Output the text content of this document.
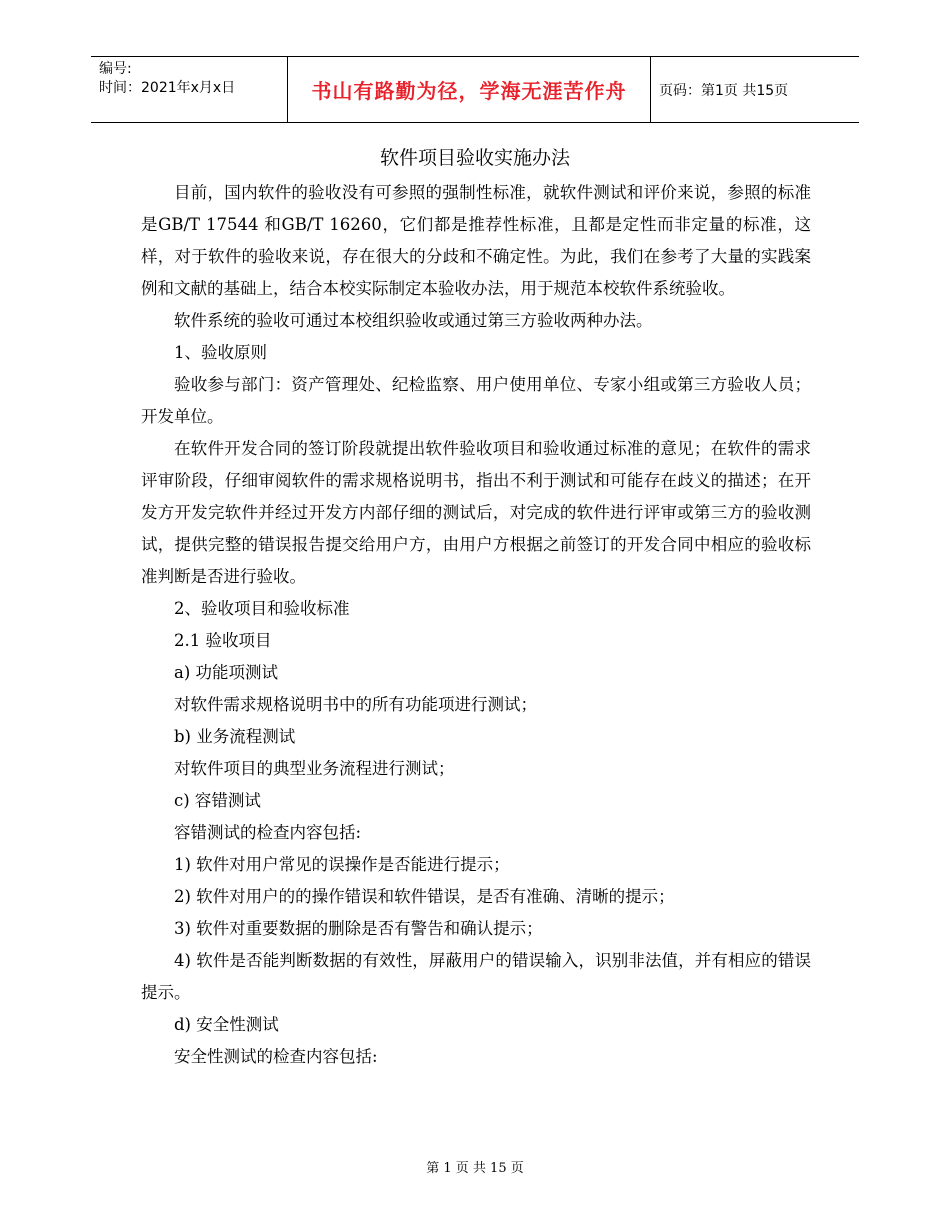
编号:
时间：2021年x月x日	书山有路勤为径，学海无涯苦作舟	页码：第1页 共15页
软件项目验收实施办法

目前，国内软件的验收没有可参照的强制性标准，就软件测试和评价来说，参照的标准是GB/T 17544 和GB/T 16260，它们都是推荐性标准，且都是定性而非定量的标准，这样，对于软件的验收来说，存在很大的分歧和不确定性。为此，我们在参考了大量的实践案例和文献的基础上，结合本校实际制定本验收办法，用于规范本校软件系统验收。

软件系统的验收可通过本校组织验收或通过第三方验收两种办法。

1、验收原则

验收参与部门：资产管理处、纪检监察、用户使用单位、专家小组或第三方验收人员；开发单位。

在软件开发合同的签订阶段就提出软件验收项目和验收通过标准的意见；在软件的需求评审阶段，仔细审阅软件的需求规格说明书，指出不利于测试和可能存在歧义的描述；在开发方开发完软件并经过开发方内部仔细的测试后，对完成的软件进行评审或第三方的验收测试，提供完整的错误报告提交给用户方，由用户方根据之前签订的开发合同中相应的验收标准判断是否进行验收。

2、验收项目和验收标准

2.1 验收项目

a) 功能项测试

对软件需求规格说明书中的所有功能项进行测试；

b) 业务流程测试

对软件项目的典型业务流程进行测试；

c) 容错测试

容错测试的检查内容包括:

1) 软件对用户常见的误操作是否能进行提示；

2) 软件对用户的的操作错误和软件错误，是否有准确、清晰的提示；

3) 软件对重要数据的删除是否有警告和确认提示；

4) 软件是否能判断数据的有效性，屏蔽用户的错误输入，识别非法值，并有相应的错误提示。

d) 安全性测试

安全性测试的检查内容包括:

第 1 页 共 15 页
